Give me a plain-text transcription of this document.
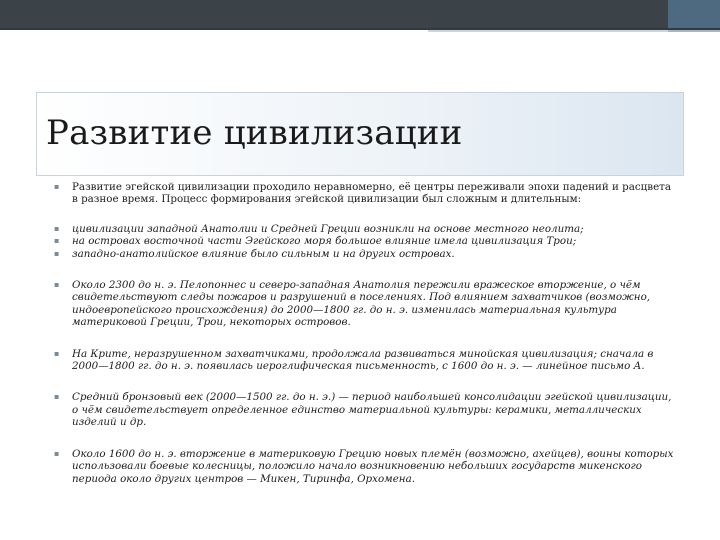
Развитие цивилизации
▪ Развитие эгейской цивилизации проходило неравномерно, её центры переживали эпохи падений и расцвета в разное время. Процесс формирования эгейской цивилизации был сложным и длительным:
▪ цивилизации западной Анатолии и Средней Греции возникли на основе местного неолита;
▪ на островах восточной части Эгейского моря большое влияние имела цивилизация Трои;
▪ западно-анатолийское влияние было сильным и на других островах.
▪ Около 2300 до н. э. Пелопоннес и северо-западная Анатолия пережили вражеское вторжение, о чём свидетельствуют следы пожаров и разрушений в поселениях. Под влиянием захватчиков (возможно, индоевропейского происхождения) до 2000—1800 гг. до н. э. изменилась материальная культура материковой Греции, Трои, некоторых островов.
▪ На Крите, неразрушенном захватчиками, продолжала развиваться минойская цивилизация; сначала в 2000—1800 гг. до н. э. появилась иероглифическая письменность, с 1600 до н. э. — линейное письмо А.
▪ Средний бронзовый век (2000—1500 гг. до н. э.) — период наибольшей консолидации эгейской цивилизации, о чём свидетельствует определенное единство материальной культуры: керамики, металлических изделий и др.
▪ Около 1600 до н. э. вторжение в материковую Грецию новых племён (возможно, ахейцев), воины которых использовали боевые колесницы, положило начало возникновению небольших государств микенского периода около других центров — Микен, Тиринфа, Орхомена.
